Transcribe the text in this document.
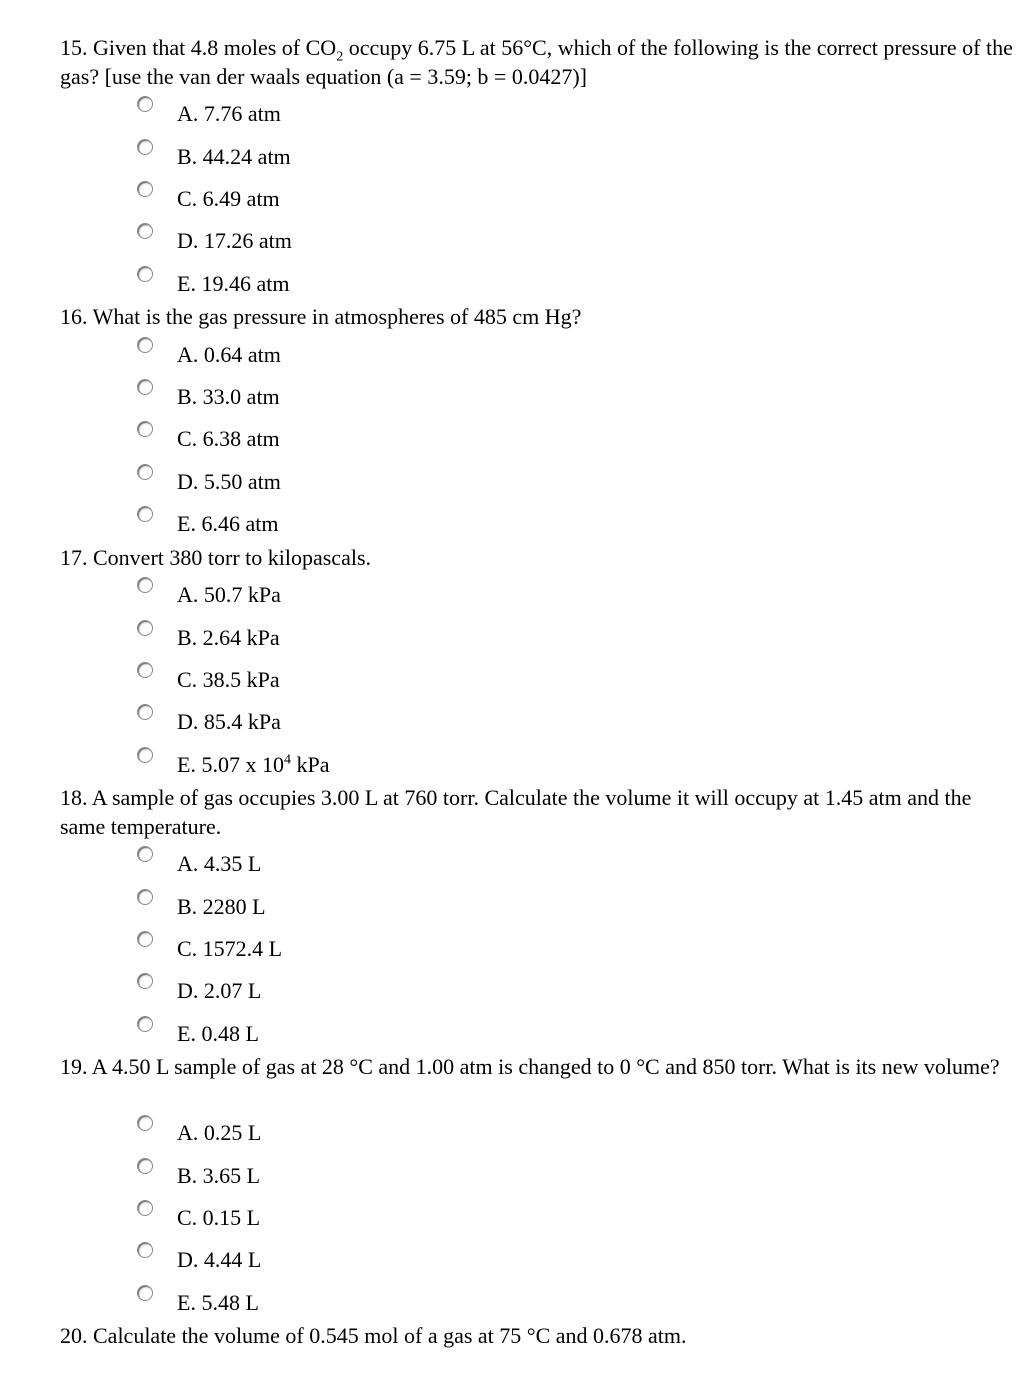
15. Given that 4.8 moles of $CO_2$ occupy 6.75 L at 56°C, which of the following is the correct pressure of the gas? [use the van der waals equation (a = 3.59; b = 0.0427)]
A. 7.76 atm
B. 44.24 atm
C. 6.49 atm
D. 17.26 atm
E. 19.46 atm
16. What is the gas pressure in atmospheres of 485 cm Hg?
A. 0.64 atm
B. 33.0 atm
C. 6.38 atm
D. 5.50 atm
E. 6.46 atm
17. Convert 380 torr to kilopascals.
A. 50.7 kPa
B. 2.64 kPa
C. 38.5 kPa
D. 85.4 kPa
E. 5.07 x $10^4$ kPa
18. A sample of gas occupies 3.00 L at 760 torr. Calculate the volume it will occupy at 1.45 atm and the same temperature.
A. 4.35 L
B. 2280 L
C. 1572.4 L
D. 2.07 L
E. 0.48 L
19. A 4.50 L sample of gas at 28 °C and 1.00 atm is changed to 0 °C and 850 torr. What is its new volume?
A. 0.25 L
B. 3.65 L
C. 0.15 L
D. 4.44 L
E. 5.48 L
20. Calculate the volume of 0.545 mol of a gas at 75 °C and 0.678 atm.
